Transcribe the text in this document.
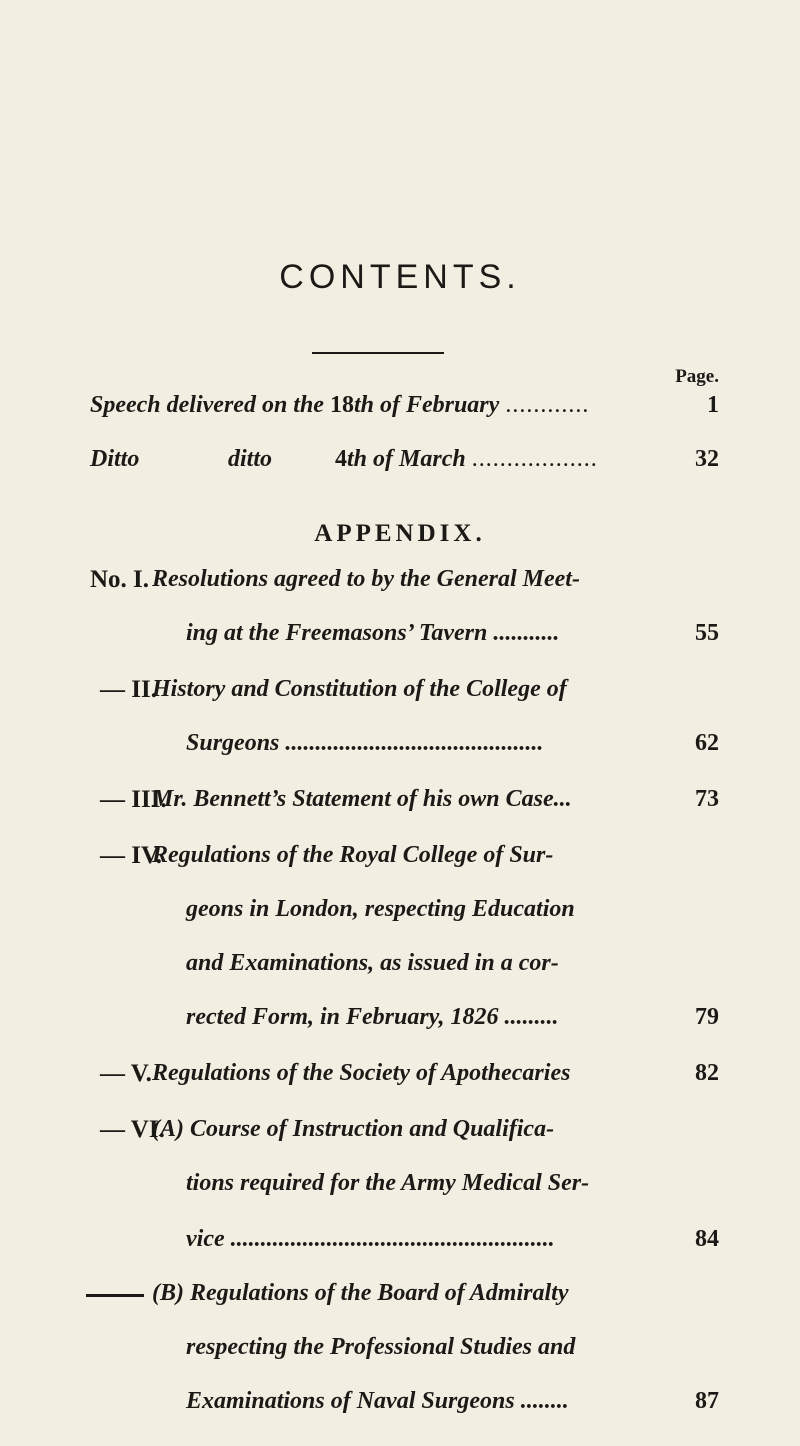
CONTENTS.
Page.
Speech delivered on the 18th of February ............	1
Ditto	ditto	4th of March ..................	32
APPENDIX.
No. I. Resolutions agreed to by the General Meet-
ing at the Freemasons’ Tavern ...........	55
— II.
History and Constitution of the College of
Surgeons ...........................................	62
— III.
Mr. Bennett’s Statement of his own Case...	73
— IV.
Regulations of the Royal College of Sur-
geons in London, respecting Education
and Examinations, as issued in a cor-
rected Form, in February, 1826 .........	79
— V. Regulations of the Society of Apothecaries	82
— VI.
(A) Course of Instruction and Qualifica-
tions required for the Army Medical Ser-
vice ......................................................	84
(B) Regulations of the Board of Admiralty
respecting the Professional Studies and
Examinations of Naval Surgeons ........	87
